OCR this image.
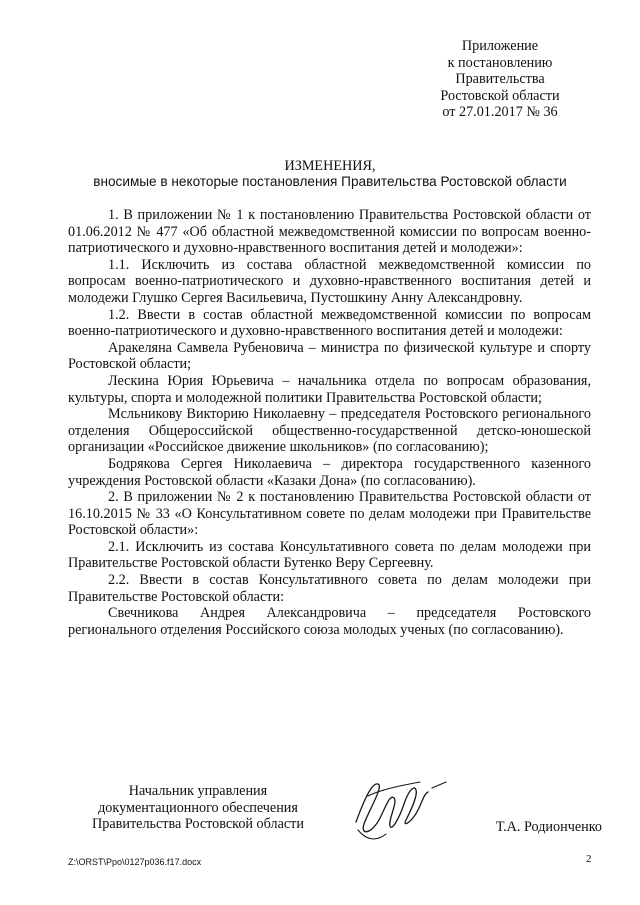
Приложение
к постановлению
Правительства
Ростовской области
от 27.01.2017 № 36
ИЗМЕНЕНИЯ,
вносимые в некоторые постановления Правительства Ростовской области

1. В приложении № 1 к постановлению Правительства Ростовской области от 01.06.2012 № 477 «Об областной межведомственной комиссии по вопросам военно-патриотического и духовно-нравственного воспитания детей и молодежи»:

1.1. Исключить из состава областной межведомственной комиссии по вопросам военно-патриотического и духовно-нравственного воспитания детей и молодежи Глушко Сергея Васильевича, Пустошкину Анну Александровну.

1.2. Ввести в состав областной межведомственной комиссии по вопросам военно-патриотического и духовно-нравственного воспитания детей и молодежи:

Аракеляна Самвела Рубеновича – министра по физической культуре и спорту Ростовской области;

Лескина Юрия Юрьевича – начальника отдела по вопросам образования, культуры, спорта и молодежной политики Правительства Ростовской области;

Мсльникову Викторию Николаевну – председателя Ростовского регионального отделения Общероссийской общественно-государственной детско-юношеской организации «Российское движение школьников» (по согласованию);

Бодрякова Сергея Николаевича – директора государственного казенного учреждения Ростовской области «Казаки Дона» (по согласованию).

2. В приложении № 2 к постановлению Правительства Ростовской области от 16.10.2015 № 33 «О Консультативном совете по делам молодежи при Правительстве Ростовской области»:

2.1. Исключить из состава Консультативного совета по делам молодежи при Правительстве Ростовской области Бутенко Веру Сергеевну.

2.2. Ввести в состав Консультативного совета по делам молодежи при Правительстве Ростовской области:

Свечникова Андрея Александровича – председателя Ростовского регионального отделения Российского союза молодых ученых (по согласованию).

Начальник управления
документационного обеспечения
Правительства Ростовской области	Т.А. Родионченко
Z:\ORST\Ppo\0127p036.f17.docx	2
